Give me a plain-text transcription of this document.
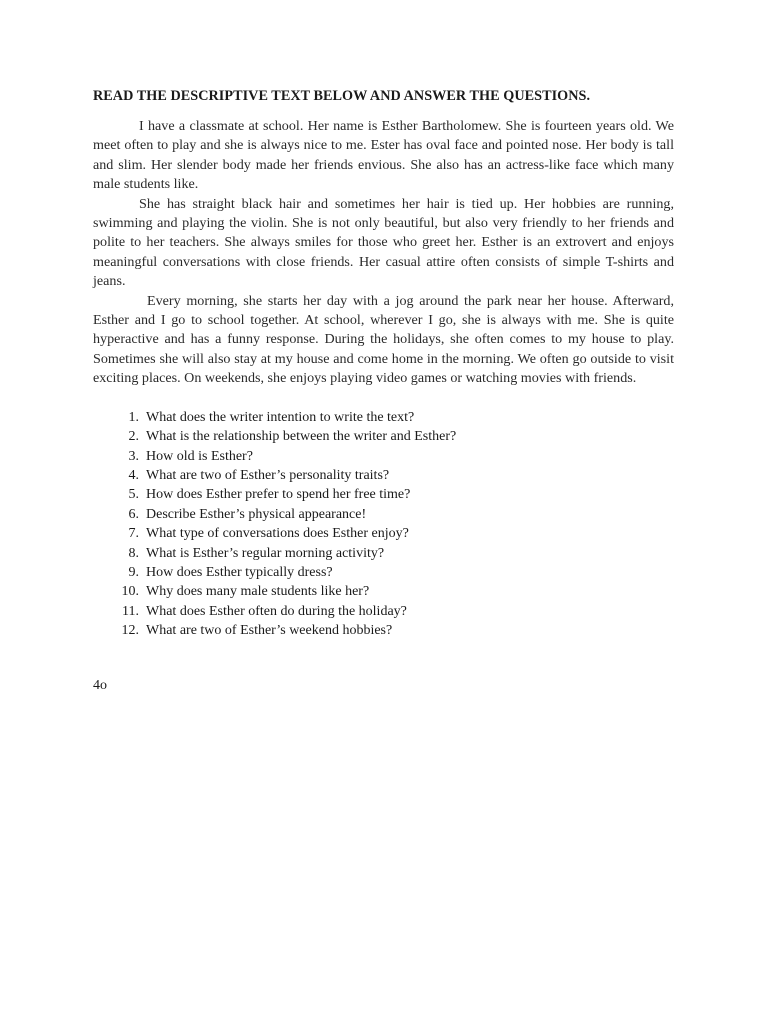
READ THE DESCRIPTIVE TEXT BELOW AND ANSWER THE QUESTIONS.

I have a classmate at school. Her name is Esther Bartholomew. She is fourteen years old. We meet often to play and she is always nice to me. Ester has oval face and pointed nose. Her body is tall and slim. Her slender body made her friends envious. She also has an actress-like face which many male students like.

She has straight black hair and sometimes her hair is tied up. Her hobbies are running, swimming and playing the violin. She is not only beautiful, but also very friendly to her friends and polite to her teachers. She always smiles for those who greet her. Esther is an extrovert and enjoys meaningful conversations with close friends. Her casual attire often consists of simple T-shirts and jeans.

Every morning, she starts her day with a jog around the park near her house. Afterward, Esther and I go to school together. At school, wherever I go, she is always with me. She is quite hyperactive and has a funny response. During the holidays, she often comes to my house to play. Sometimes she will also stay at my house and come home in the morning. We often go outside to visit exciting places. On weekends, she enjoys playing video games or watching movies with friends.

1. What does the writer intention to write the text?
2. What is the relationship between the writer and Esther?
3. How old is Esther?
4. What are two of Esther’s personality traits?
5. How does Esther prefer to spend her free time?
6. Describe Esther’s physical appearance!
7. What type of conversations does Esther enjoy?
8. What is Esther’s regular morning activity?
9. How does Esther typically dress?
10. Why does many male students like her?
11. What does Esther often do during the holiday?
12. What are two of Esther’s weekend hobbies?
4o
